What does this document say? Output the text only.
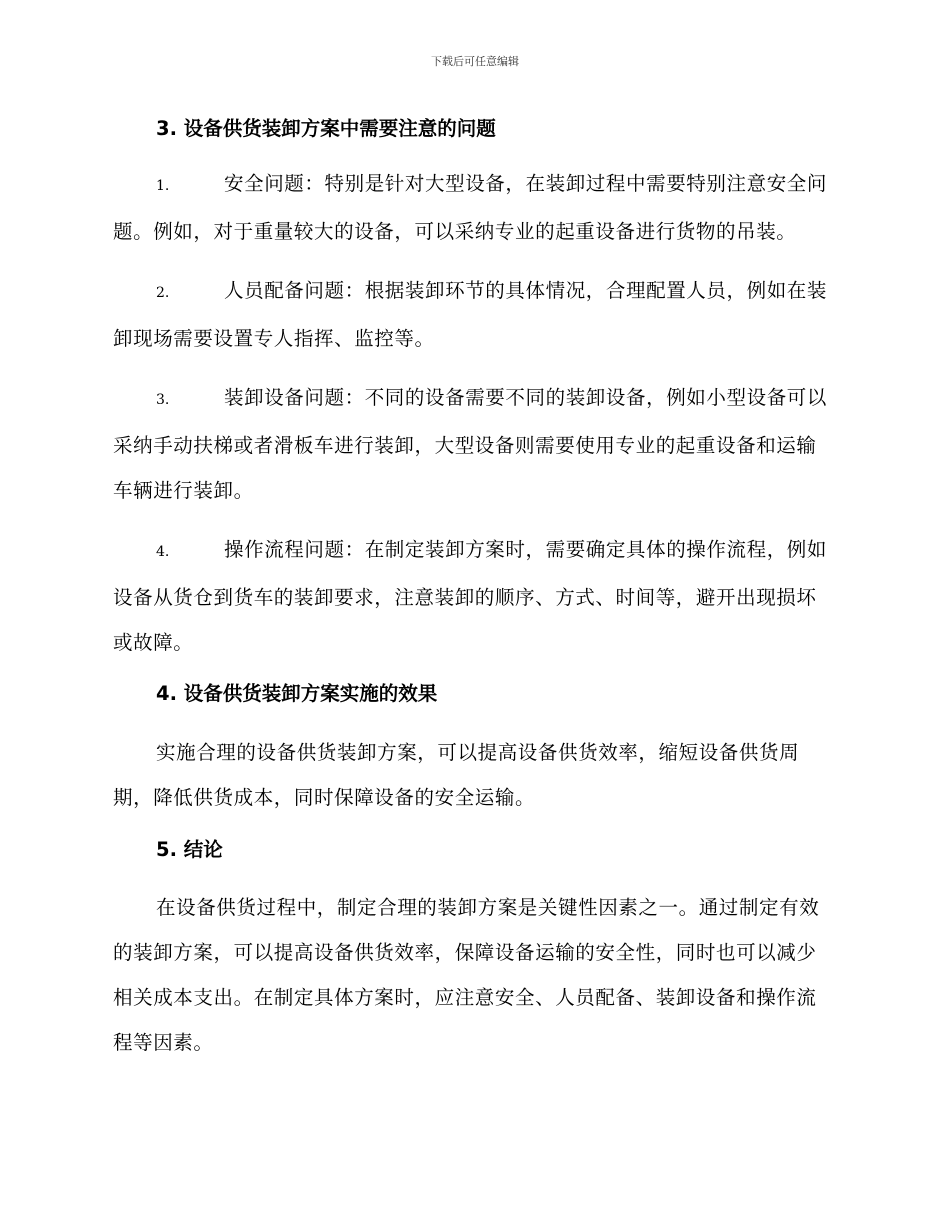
下载后可任意编辑
3. 设备供货装卸方案中需要注意的问题

1.	安全问题：特别是针对大型设备，在装卸过程中需要特别注意安全问题。例如，对于重量较大的设备，可以采纳专业的起重设备进行货物的吊装。

2.	人员配备问题：根据装卸环节的具体情况，合理配置人员，例如在装卸现场需要设置专人指挥、监控等。

3.	装卸设备问题：不同的设备需要不同的装卸设备，例如小型设备可以采纳手动扶梯或者滑板车进行装卸，大型设备则需要使用专业的起重设备和运输车辆进行装卸。

4.	操作流程问题：在制定装卸方案时，需要确定具体的操作流程，例如设备从货仓到货车的装卸要求，注意装卸的顺序、方式、时间等，避开出现损坏或故障。

4. 设备供货装卸方案实施的效果

实施合理的设备供货装卸方案，可以提高设备供货效率，缩短设备供货周期，降低供货成本，同时保障设备的安全运输。

5. 结论

在设备供货过程中，制定合理的装卸方案是关键性因素之一。通过制定有效的装卸方案，可以提高设备供货效率，保障设备运输的安全性，同时也可以减少相关成本支出。在制定具体方案时，应注意安全、人员配备、装卸设备和操作流程等因素。
